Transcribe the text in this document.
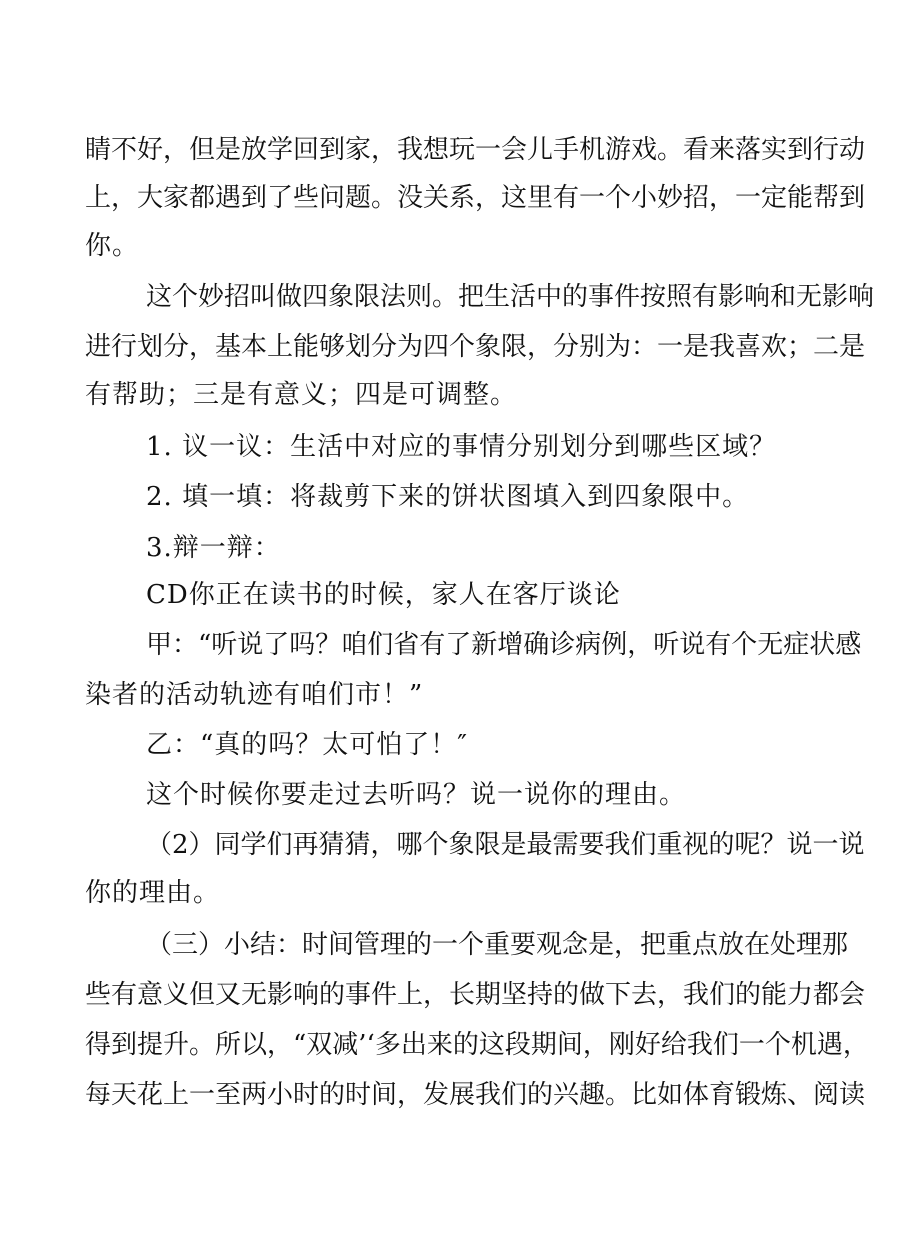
睛不好，但是放学回到家，我想玩一会儿手机游戏。看来落实到行动
上，大家都遇到了些问题。没关系，这里有一个小妙招，一定能帮到
你。
这个妙招叫做四象限法则。把生活中的事件按照有影响和无影响
进行划分，基本上能够划分为四个象限，分别为：一是我喜欢；二是
有帮助；三是有意义；四是可调整。
1. 议一议：生活中对应的事情分别划分到哪些区域？
2. 填一填：将裁剪下来的饼状图填入到四象限中。
3.辩一辩：
CD你正在读书的时候，家人在客厅谈论
甲：“听说了吗？咱们省有了新增确诊病例，听说有个无症状感
染者的活动轨迹有咱们市！”
乙：“真的吗？太可怕了！″
这个时候你要走过去听吗？说一说你的理由。
（2）同学们再猜猜，哪个象限是最需要我们重视的呢？说一说
你的理由。
（三）小结：时间管理的一个重要观念是，把重点放在处理那
些有意义但又无影响的事件上，长期坚持的做下去，我们的能力都会
得到提升。所以，“双减’‘多出来的这段期间，刚好给我们一个机遇，
每天花上一至两小时的时间，发展我们的兴趣。比如体育锻炼、阅读
